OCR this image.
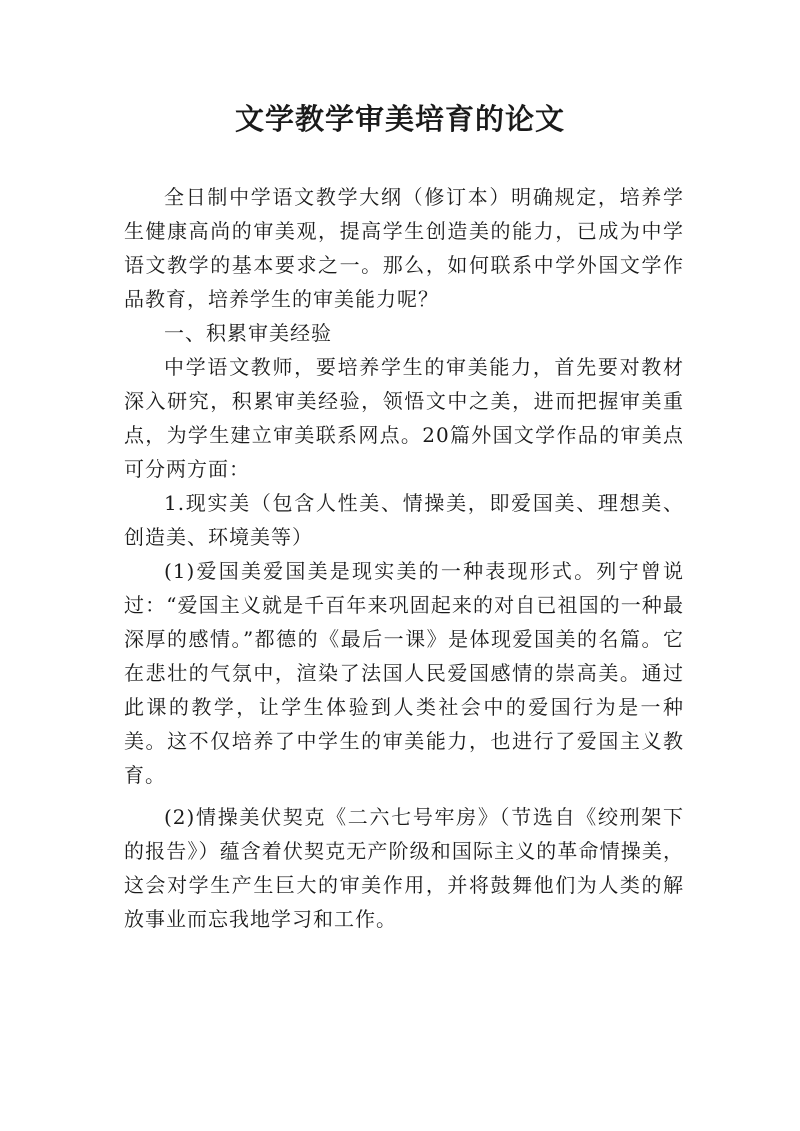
文学教学审美培育的论文

全日制中学语文教学大纲（修订本）明确规定，培养学生健康高尚的审美观，提高学生创造美的能力，已成为中学语文教学的基本要求之一。那么，如何联系中学外国文学作品教育，培养学生的审美能力呢？

一、积累审美经验

中学语文教师，要培养学生的审美能力，首先要对教材深入研究，积累审美经验，领悟文中之美，进而把握审美重点，为学生建立审美联系网点。20篇外国文学作品的审美点可分两方面：

1.现实美（包含人性美、情操美，即爱国美、理想美、创造美、环境美等）

(1)爱国美爱国美是现实美的一种表现形式。列宁曾说过：“爱国主义就是千百年来巩固起来的对自已祖国的一种最深厚的感情。”都德的《最后一课》是体现爱国美的名篇。它在悲壮的气氛中，渲染了法国人民爱国感情的崇高美。通过此课的教学，让学生体验到人类社会中的爱国行为是一种美。这不仅培养了中学生的审美能力，也进行了爱国主义教育。

(2)情操美伏契克《二六七号牢房》（节选自《绞刑架下的报告》）蕴含着伏契克无产阶级和国际主义的革命情操美，这会对学生产生巨大的审美作用，并将鼓舞他们为人类的解放事业而忘我地学习和工作。
